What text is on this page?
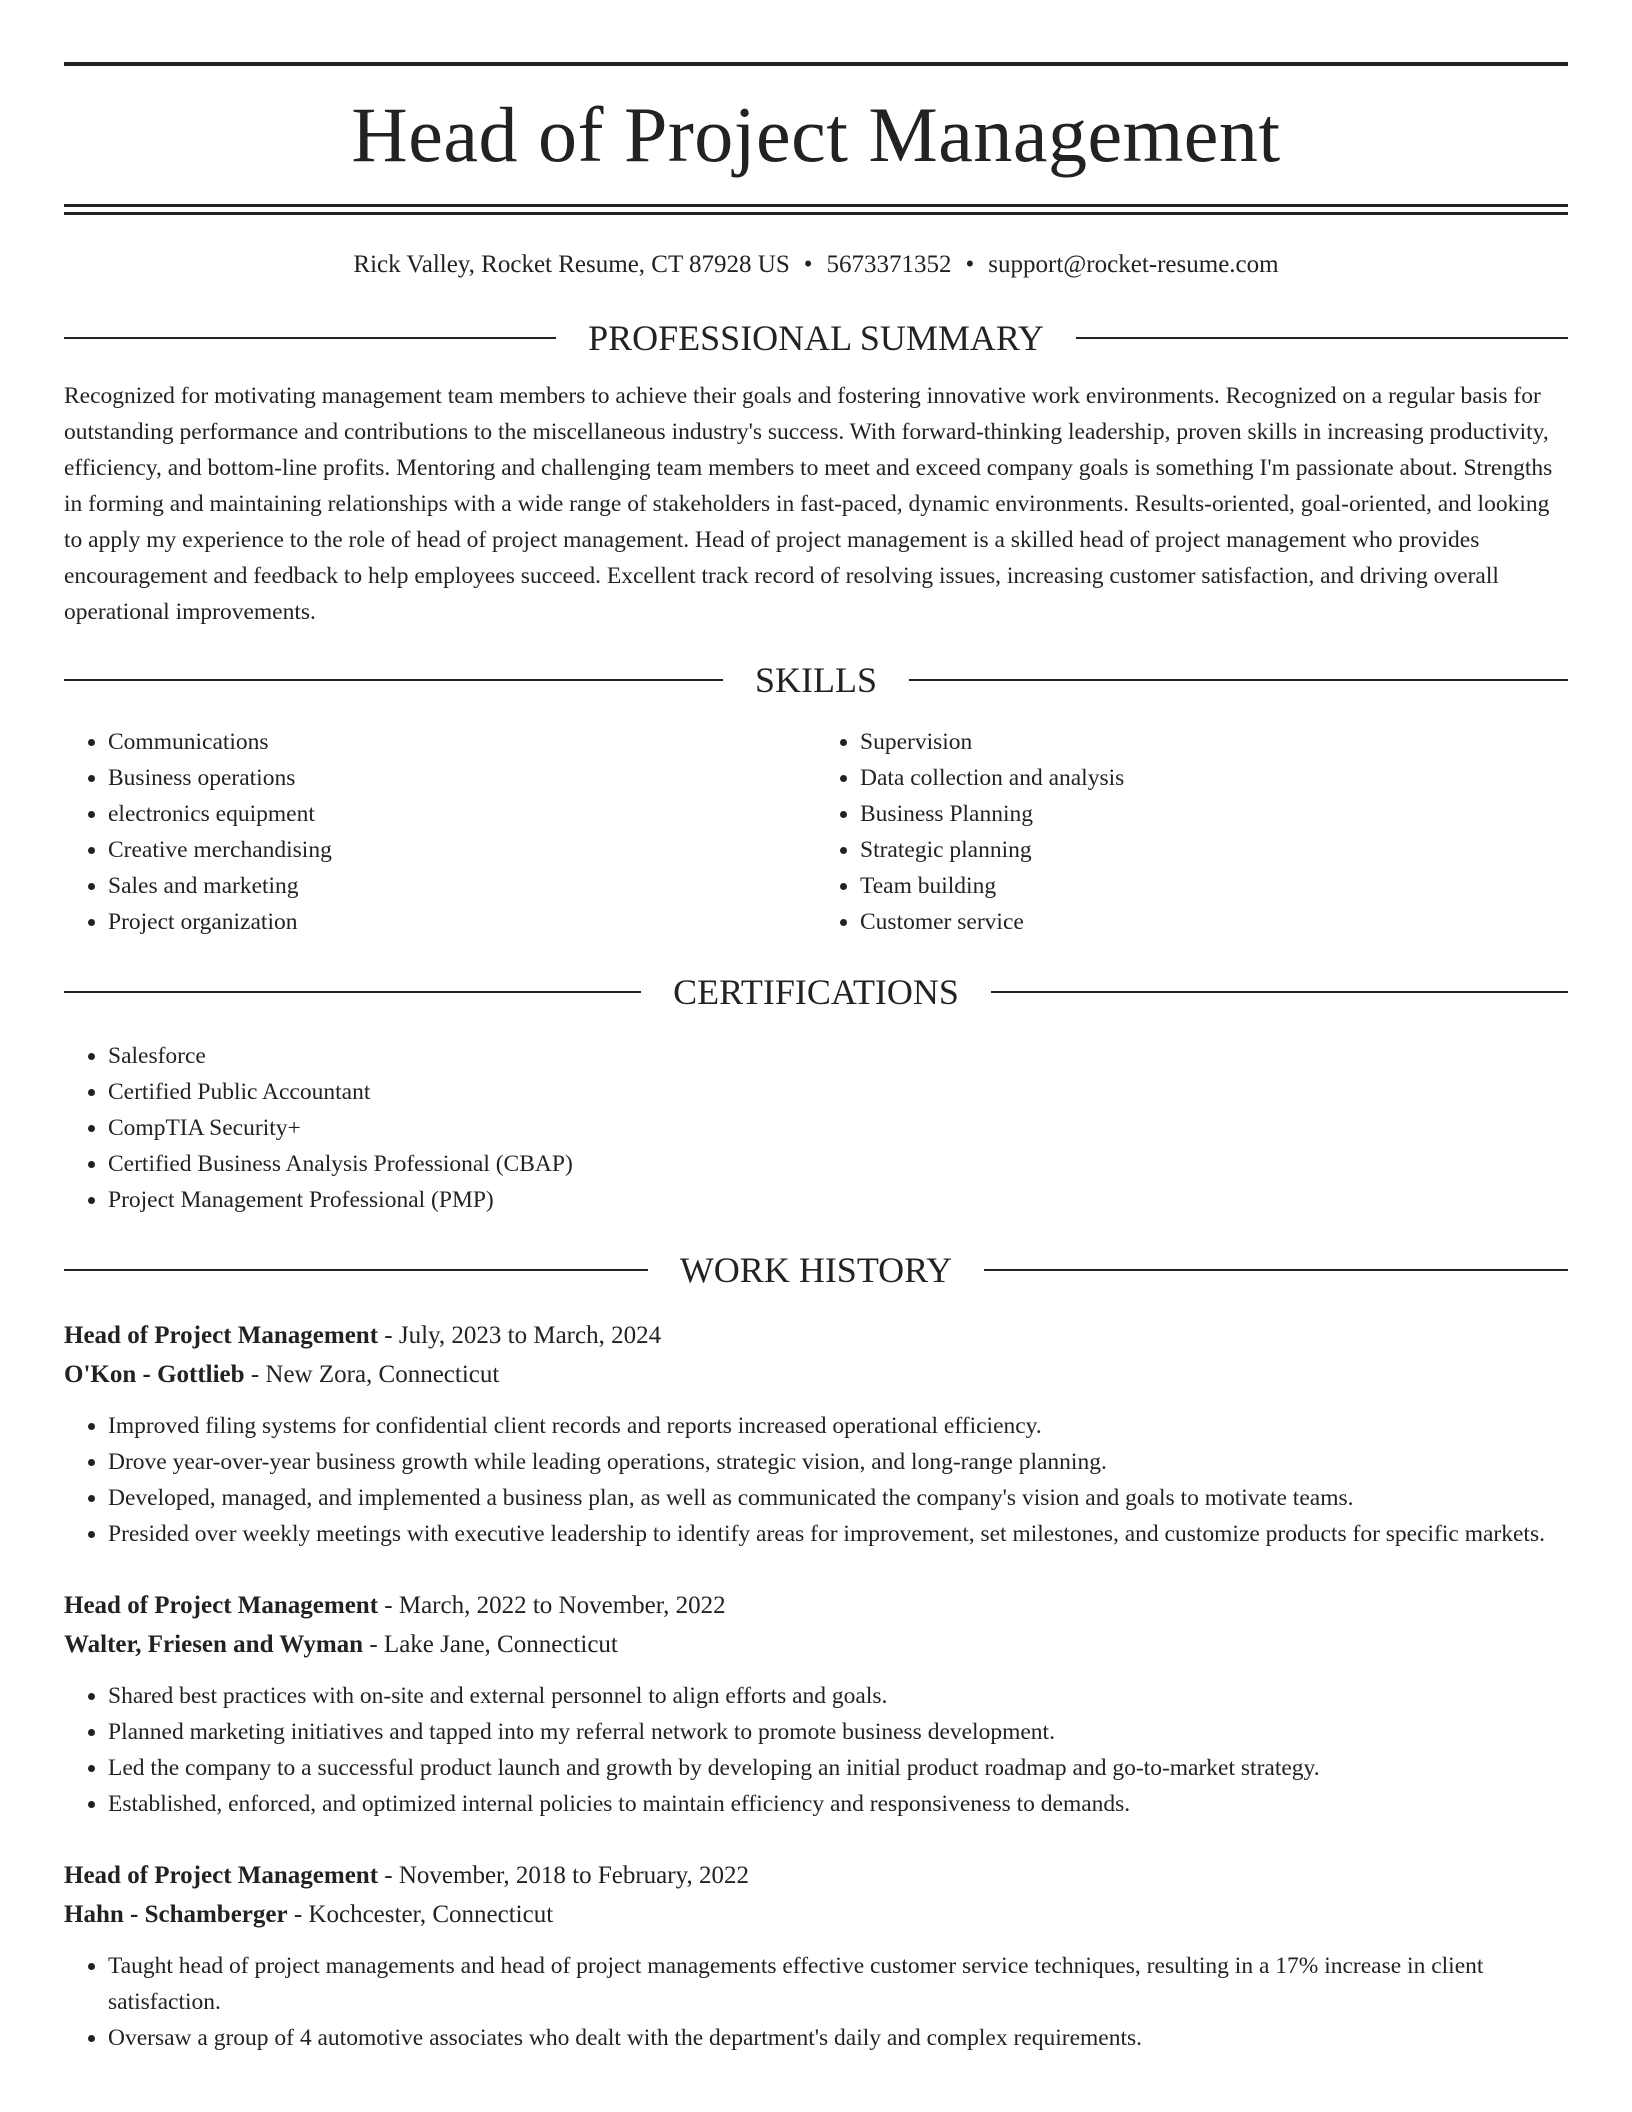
Head of Project Management
Rick Valley, Rocket Resume, CT 87928 US • 5673371352 • support@rocket-resume.com
PROFESSIONAL SUMMARY
Recognized for motivating management team members to achieve their goals and fostering innovative work environments. Recognized on a regular basis for outstanding performance and contributions to the miscellaneous industry's success. With forward-thinking leadership, proven skills in increasing productivity, efficiency, and bottom-line profits. Mentoring and challenging team members to meet and exceed company goals is something I'm passionate about. Strengths in forming and maintaining relationships with a wide range of stakeholders in fast-paced, dynamic environments. Results-oriented, goal-oriented, and looking to apply my experience to the role of head of project management. Head of project management is a skilled head of project management who provides encouragement and feedback to help employees succeed. Excellent track record of resolving issues, increasing customer satisfaction, and driving overall operational improvements.
SKILLS
• Communications
• Business operations
• electronics equipment
• Creative merchandising
• Sales and marketing
• Project organization
• Supervision
• Data collection and analysis
• Business Planning
• Strategic planning
• Team building
• Customer service
CERTIFICATIONS
• Salesforce
• Certified Public Accountant
• CompTIA Security+
• Certified Business Analysis Professional (CBAP)
• Project Management Professional (PMP)
WORK HISTORY
Head of Project Management - July, 2023 to March, 2024
O'Kon - Gottlieb - New Zora, Connecticut
• Improved filing systems for confidential client records and reports increased operational efficiency.
• Drove year-over-year business growth while leading operations, strategic vision, and long-range planning.
• Developed, managed, and implemented a business plan, as well as communicated the company's vision and goals to motivate teams.
• Presided over weekly meetings with executive leadership to identify areas for improvement, set milestones, and customize products for specific markets.
Head of Project Management - March, 2022 to November, 2022
Walter, Friesen and Wyman - Lake Jane, Connecticut
• Shared best practices with on-site and external personnel to align efforts and goals.
• Planned marketing initiatives and tapped into my referral network to promote business development.
• Led the company to a successful product launch and growth by developing an initial product roadmap and go-to-market strategy.
• Established, enforced, and optimized internal policies to maintain efficiency and responsiveness to demands.
Head of Project Management - November, 2018 to February, 2022
Hahn - Schamberger - Kochcester, Connecticut
• Taught head of project managements and head of project managements effective customer service techniques, resulting in a 17% increase in client satisfaction.
• Oversaw a group of 4 automotive associates who dealt with the department's daily and complex requirements.
